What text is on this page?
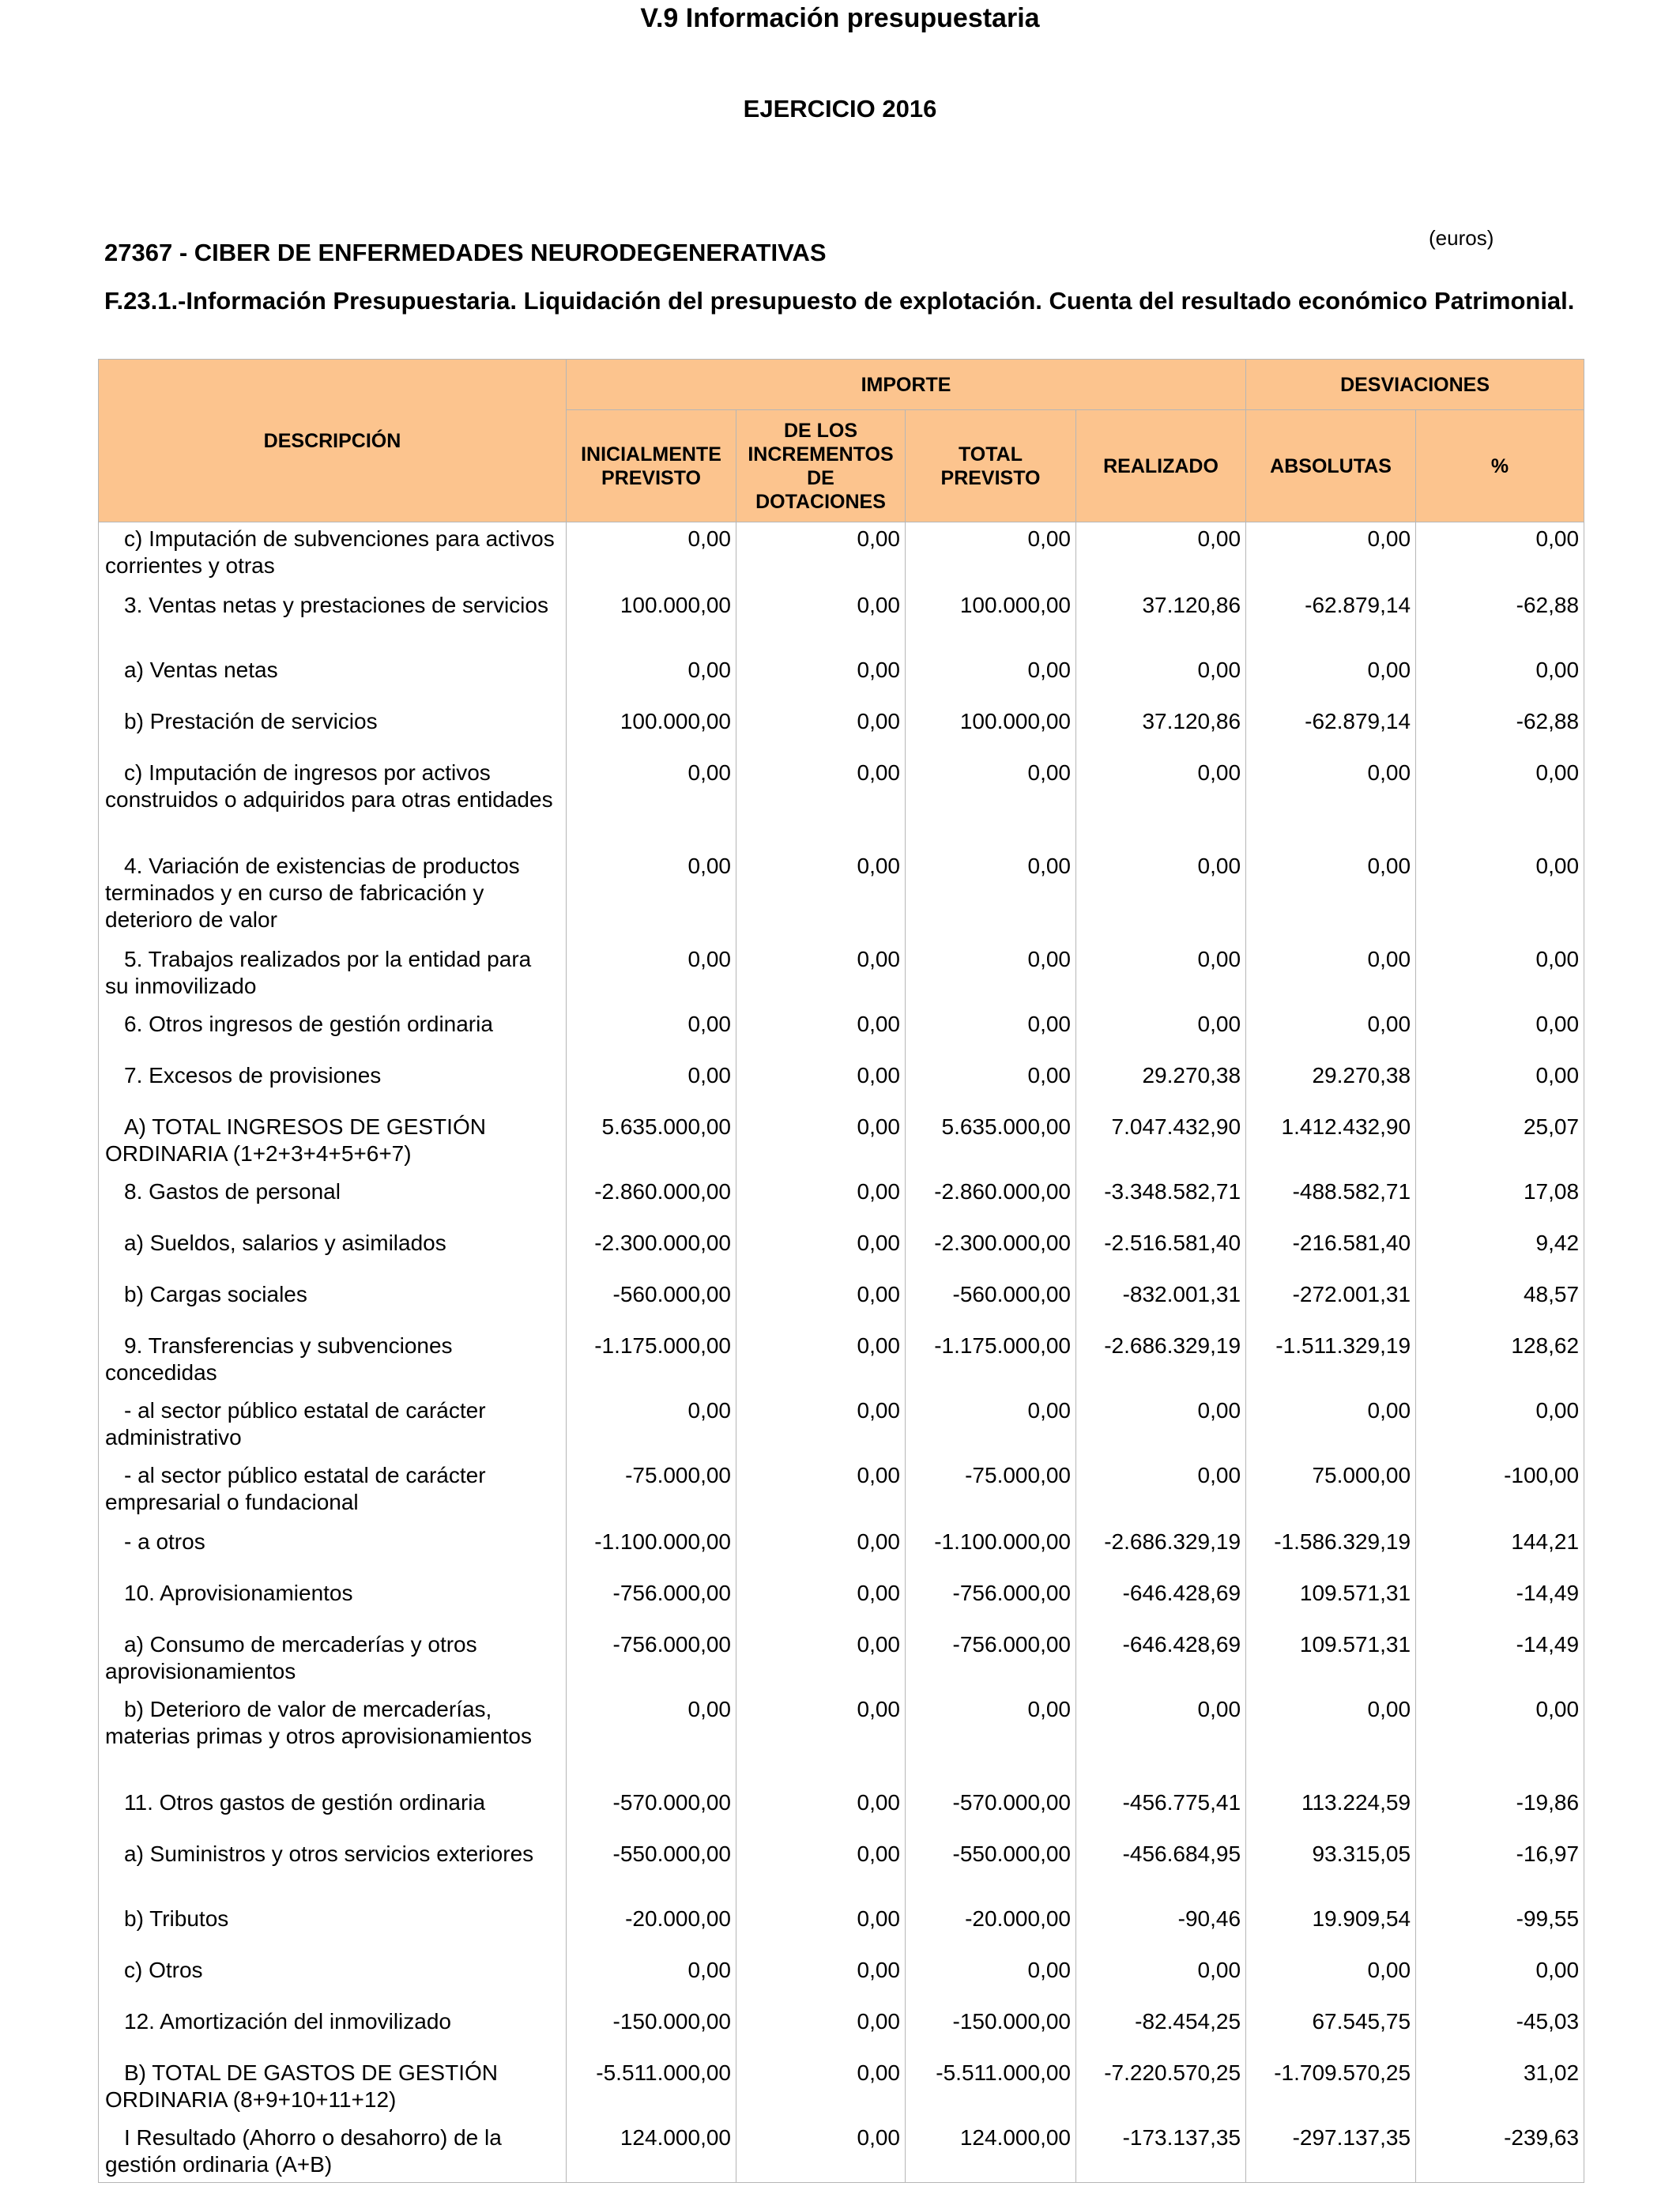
V.9 Información presupuestaria
EJERCICIO 2016
27367 - CIBER DE ENFERMEDADES NEURODEGENERATIVAS
(euros)
F.23.1.-Información Presupuestaria. Liquidación del presupuesto de explotación. Cuenta del resultado económico Patrimonial.
DESCRIPCIÓN	IMPORTE				DESVIACIONES	
	INICIALMENTE PREVISTO	DE LOS INCREMENTOS DE DOTACIONES	TOTAL PREVISTO	REALIZADO	ABSOLUTAS	%
c) Imputación de subvenciones para activos corrientes y otras	0,00	0,00	0,00	0,00	0,00	0,00
3. Ventas netas y prestaciones de servicios	100.000,00	0,00	100.000,00	37.120,86	-62.879,14	-62,88
a) Ventas netas	0,00	0,00	0,00	0,00	0,00	0,00
b) Prestación de servicios	100.000,00	0,00	100.000,00	37.120,86	-62.879,14	-62,88
c) Imputación de ingresos por activos construidos o adquiridos para otras entidades	0,00	0,00	0,00	0,00	0,00	0,00
4. Variación de existencias de productos terminados y en curso de fabricación y deterioro de valor	0,00	0,00	0,00	0,00	0,00	0,00
5. Trabajos realizados por la entidad para su inmovilizado	0,00	0,00	0,00	0,00	0,00	0,00
6. Otros ingresos de gestión ordinaria	0,00	0,00	0,00	0,00	0,00	0,00
7. Excesos de provisiones	0,00	0,00	0,00	29.270,38	29.270,38	0,00
A) TOTAL INGRESOS DE GESTIÓN ORDINARIA (1+2+3+4+5+6+7)	5.635.000,00	0,00	5.635.000,00	7.047.432,90	1.412.432,90	25,07
8. Gastos de personal	-2.860.000,00	0,00	-2.860.000,00	-3.348.582,71	-488.582,71	17,08
a) Sueldos, salarios y asimilados	-2.300.000,00	0,00	-2.300.000,00	-2.516.581,40	-216.581,40	9,42
b) Cargas sociales	-560.000,00	0,00	-560.000,00	-832.001,31	-272.001,31	48,57
9. Transferencias y subvenciones concedidas	-1.175.000,00	0,00	-1.175.000,00	-2.686.329,19	-1.511.329,19	128,62
- al sector público estatal de carácter administrativo	0,00	0,00	0,00	0,00	0,00	0,00
- al sector público estatal de carácter empresarial o fundacional	-75.000,00	0,00	-75.000,00	0,00	75.000,00	-100,00
- a otros	-1.100.000,00	0,00	-1.100.000,00	-2.686.329,19	-1.586.329,19	144,21
10. Aprovisionamientos	-756.000,00	0,00	-756.000,00	-646.428,69	109.571,31	-14,49
a) Consumo de mercaderías y otros aprovisionamientos	-756.000,00	0,00	-756.000,00	-646.428,69	109.571,31	-14,49
b) Deterioro de valor de mercaderías, materias primas y otros aprovisionamientos	0,00	0,00	0,00	0,00	0,00	0,00
11. Otros gastos de gestión ordinaria	-570.000,00	0,00	-570.000,00	-456.775,41	113.224,59	-19,86
a) Suministros y otros servicios exteriores	-550.000,00	0,00	-550.000,00	-456.684,95	93.315,05	-16,97
b) Tributos	-20.000,00	0,00	-20.000,00	-90,46	19.909,54	-99,55
c) Otros	0,00	0,00	0,00	0,00	0,00	0,00
12. Amortización del inmovilizado	-150.000,00	0,00	-150.000,00	-82.454,25	67.545,75	-45,03
B) TOTAL DE GASTOS DE GESTIÓN ORDINARIA (8+9+10+11+12)	-5.511.000,00	0,00	-5.511.000,00	-7.220.570,25	-1.709.570,25	31,02
I Resultado (Ahorro o desahorro) de la gestión ordinaria (A+B)	124.000,00	0,00	124.000,00	-173.137,35	-297.137,35	-239,63
